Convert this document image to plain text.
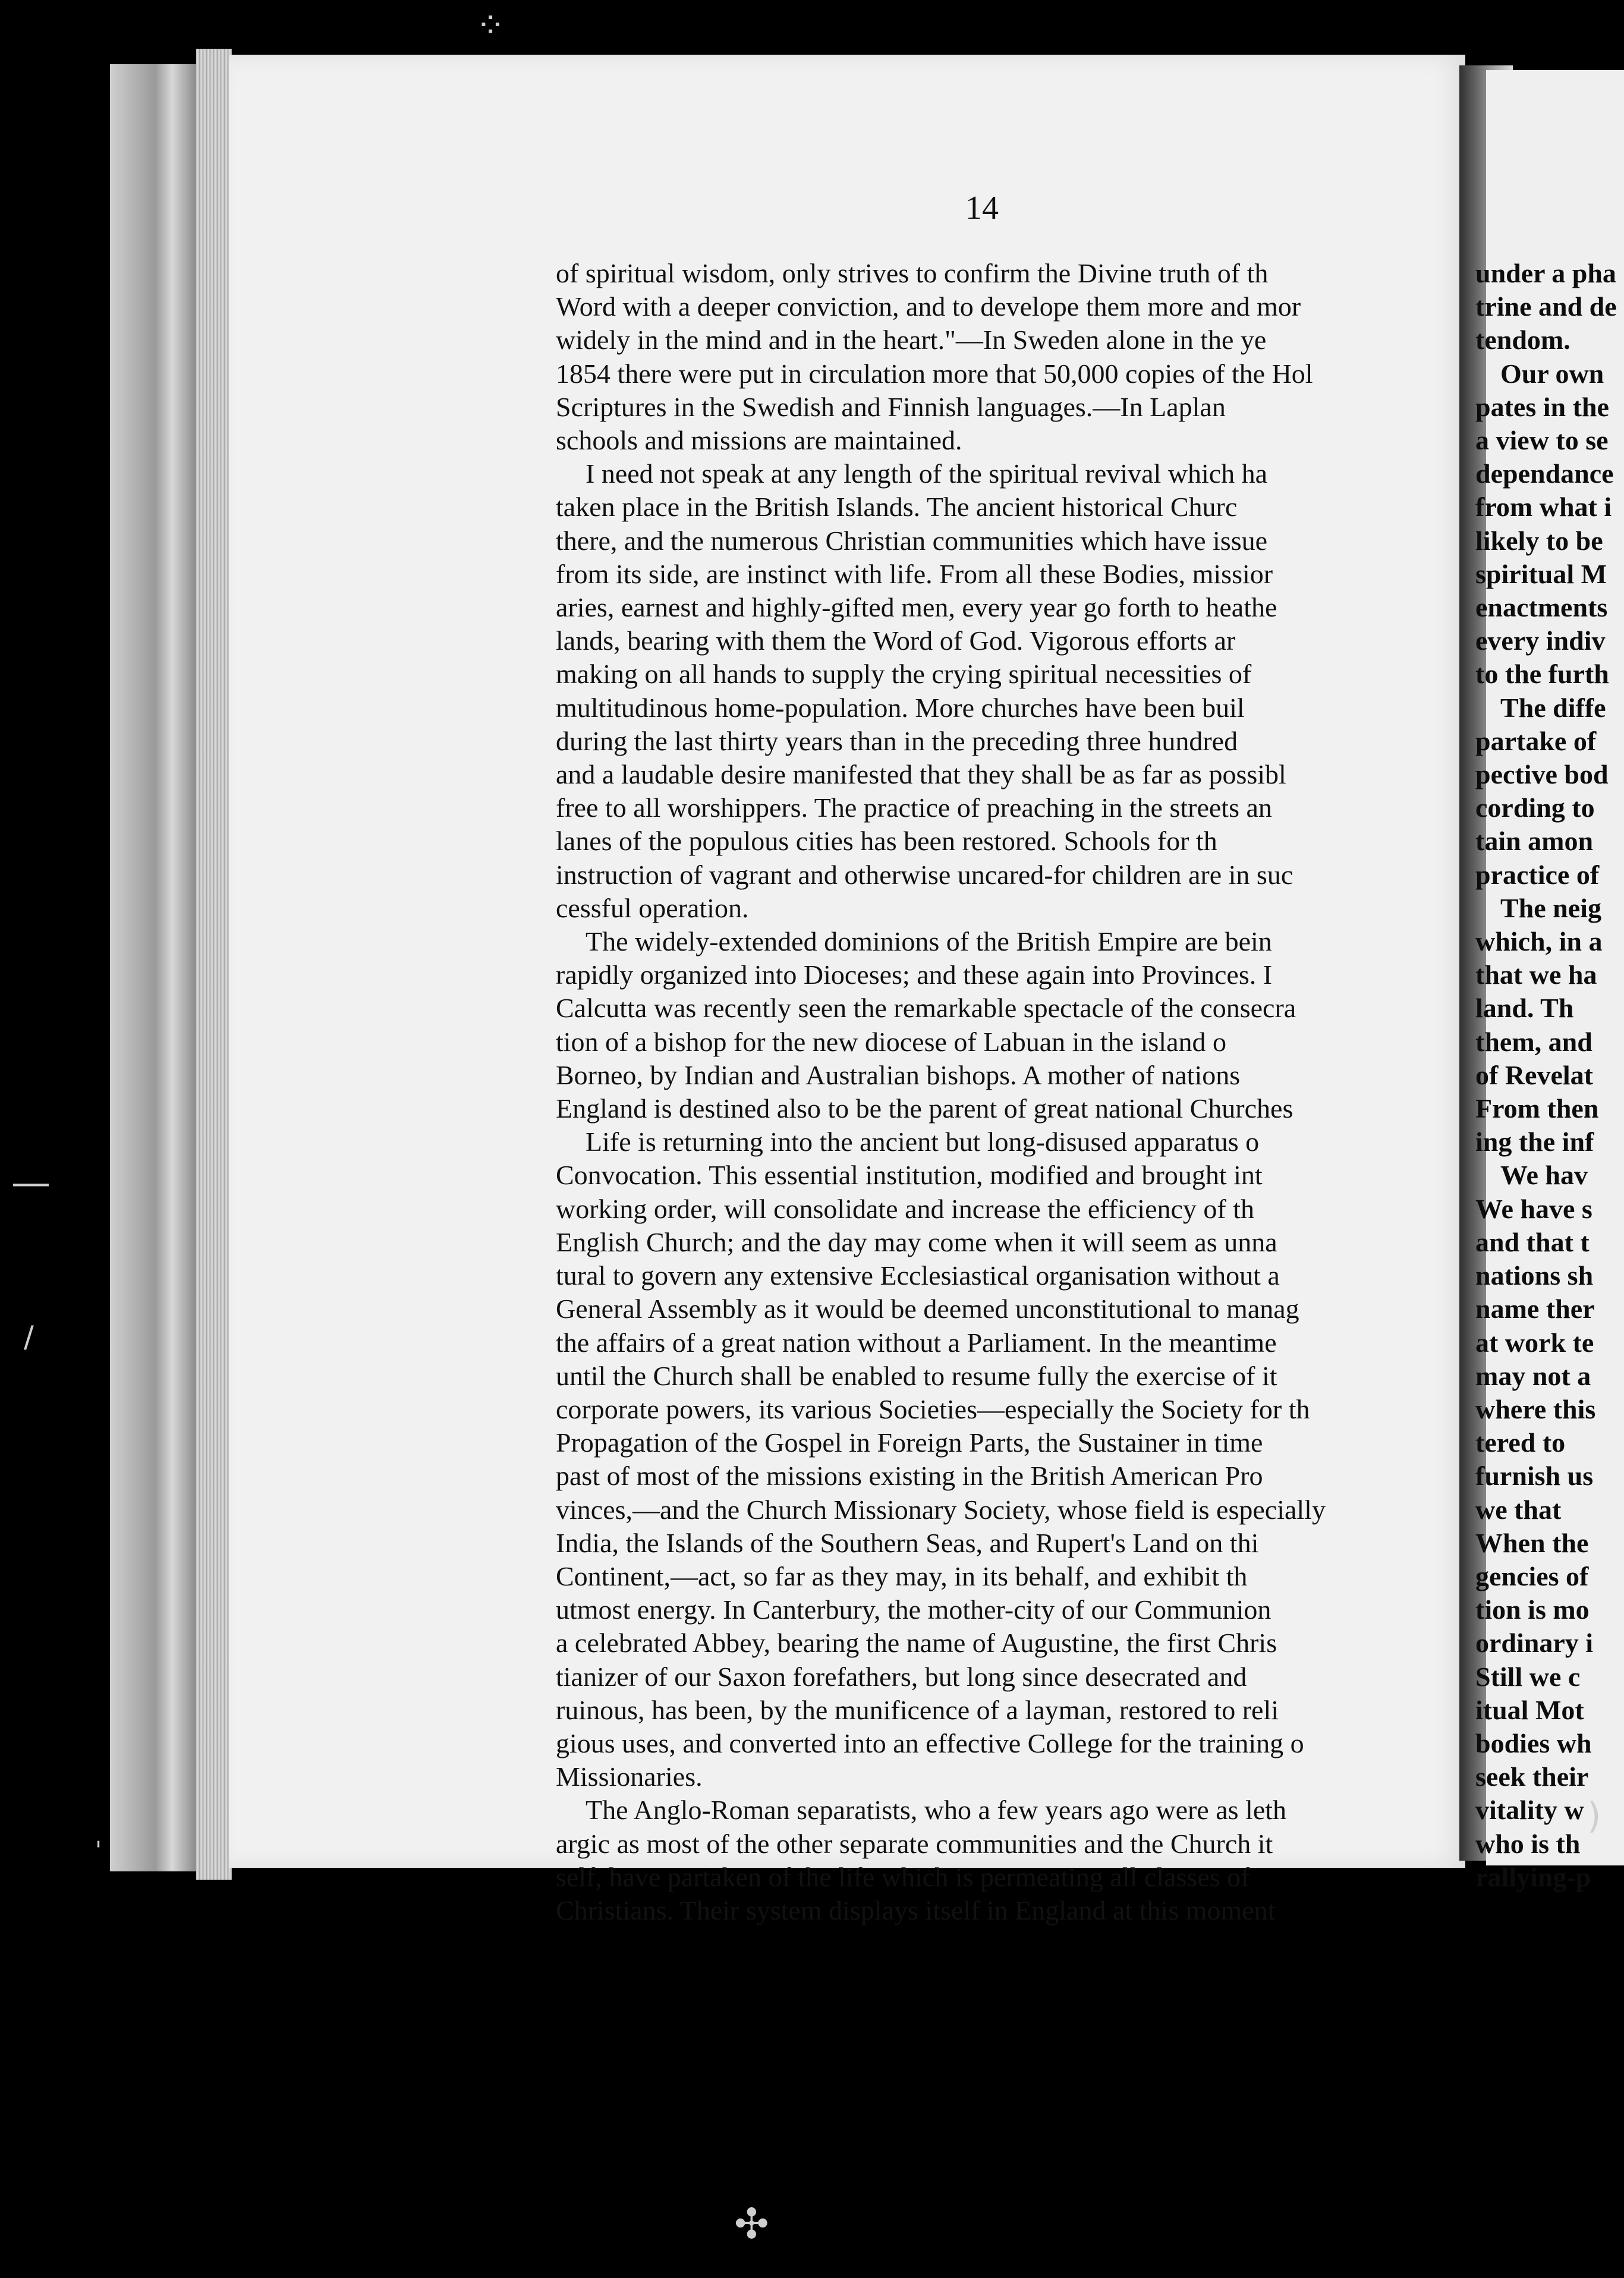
⁘
―
/
'
✣
)
14

of spiritual wisdom, only strives to confirm the Divine truth of th

Word with a deeper conviction, and to develope them more and mor

widely in the mind and in the heart."—In Sweden alone in the ye

1854 there were put in circulation more that 50,000 copies of the Hol

Scriptures in the Swedish and Finnish languages.—In Laplan

schools and missions are maintained.

I need not speak at any length of the spiritual revival which ha

taken place in the British Islands. The ancient historical Churc

there, and the numerous Christian communities which have issue

from its side, are instinct with life. From all these Bodies, missior

aries, earnest and highly-gifted men, every year go forth to heathe

lands, bearing with them the Word of God. Vigorous efforts ar

making on all hands to supply the crying spiritual necessities of

multitudinous home-population. More churches have been buil

during the last thirty years than in the preceding three hundred

and a laudable desire manifested that they shall be as far as possibl

free to all worshippers. The practice of preaching in the streets an

lanes of the populous cities has been restored. Schools for th

instruction of vagrant and otherwise uncared-for children are in suc

cessful operation.

The widely-extended dominions of the British Empire are bein

rapidly organized into Dioceses; and these again into Provinces. I

Calcutta was recently seen the remarkable spectacle of the consecra

tion of a bishop for the new diocese of Labuan in the island o

Borneo, by Indian and Australian bishops. A mother of nations

England is destined also to be the parent of great national Churches

Life is returning into the ancient but long-disused apparatus o

Convocation. This essential institution, modified and brought int

working order, will consolidate and increase the efficiency of th

English Church; and the day may come when it will seem as unna

tural to govern any extensive Ecclesiastical organisation without a

General Assembly as it would be deemed unconstitutional to manag

the affairs of a great nation without a Parliament. In the meantime

until the Church shall be enabled to resume fully the exercise of it

corporate powers, its various Societies—especially the Society for th

Propagation of the Gospel in Foreign Parts, the Sustainer in time

past of most of the missions existing in the British American Pro

vinces,—and the Church Missionary Society, whose field is especially

India, the Islands of the Southern Seas, and Rupert's Land on thi

Continent,—act, so far as they may, in its behalf, and exhibit th

utmost energy. In Canterbury, the mother-city of our Communion

a celebrated Abbey, bearing the name of Augustine, the first Chris

tianizer of our Saxon forefathers, but long since desecrated and

ruinous, has been, by the munificence of a layman, restored to reli

gious uses, and converted into an effective College for the training o

Missionaries.

The Anglo-Roman separatists, who a few years ago were as leth

argic as most of the other separate communities and the Church it

self, have partaken of the life which is permeating all classes of

Christians. Their system displays itself in England at this moment

under a pha

trine and de

tendom.

Our own

pates in the

a view to se

dependance

from what i

likely to be

spiritual M

enactments

every indiv

to the furth

The diffe

partake of

pective bod

cording to

tain amon

practice of

The neig

which, in a

that we ha

land. Th

them, and

of Revelat

From then

ing the inf

We hav

We have s

and that t

nations sh

name ther

at work te

may not a

where this

tered to

furnish us

we that

When the

gencies of

tion is mo

ordinary i

Still we c

itual Mot

bodies wh

seek their

vitality w

who is th

rallying-p
